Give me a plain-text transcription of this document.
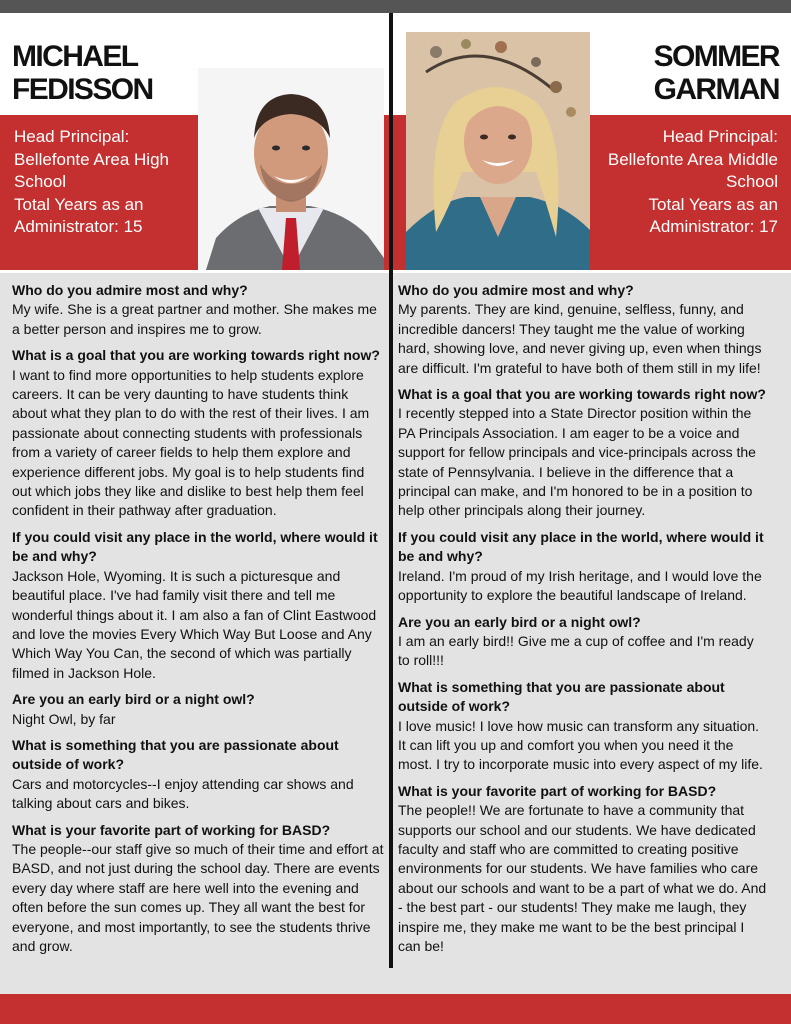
MICHAEL
FEDISSON

Head Principal:
Bellefonte Area High
School
Total Years as an
Administrator: 15

SOMMER
GARMAN

Head Principal:
Bellefonte Area Middle
School
Total Years as an
Administrator: 17

Who do you admire most and why?

My wife. She is a great partner and mother. She makes me a better person and inspires me to grow.

What is a goal that you are working towards right now?

I want to find more opportunities to help students explore careers. It can be very daunting to have students think about what they plan to do with the rest of their lives. I am passionate about connecting students with professionals from a variety of career fields to help them explore and experience different jobs. My goal is to help students find out which jobs they like and dislike to best help them feel confident in their pathway after graduation.

If you could visit any place in the world, where would it be and why?

Jackson Hole, Wyoming. It is such a picturesque and beautiful place. I've had family visit there and tell me wonderful things about it. I am also a fan of Clint Eastwood and love the movies Every Which Way But Loose and Any Which Way You Can, the second of which was partially filmed in Jackson Hole.

Are you an early bird or a night owl?

Night Owl, by far

What is something that you are passionate about outside of work?

Cars and motorcycles--I enjoy attending car shows and talking about cars and bikes.

What is your favorite part of working for BASD?

The people--our staff give so much of their time and effort at BASD, and not just during the school day. There are events every day where staff are here well into the evening and often before the sun comes up. They all want the best for everyone, and most importantly, to see the students thrive and grow.

Who do you admire most and why?

My parents. They are kind, genuine, selfless, funny, and incredible dancers! They taught me the value of working hard, showing love, and never giving up, even when things are difficult. I'm grateful to have both of them still in my life!

What is a goal that you are working towards right now?

I recently stepped into a State Director position within the PA Principals Association. I am eager to be a voice and support for fellow principals and vice-principals across the state of Pennsylvania. I believe in the difference that a principal can make, and I'm honored to be in a position to help other principals along their journey.

If you could visit any place in the world, where would it be and why?

Ireland. I'm proud of my Irish heritage, and I would love the opportunity to explore the beautiful landscape of Ireland.

Are you an early bird or a night owl?

I am an early bird!! Give me a cup of coffee and I'm ready to roll!!!

What is something that you are passionate about outside of work?

I love music! I love how music can transform any situation. It can lift you up and comfort you when you need it the most. I try to incorporate music into every aspect of my life.

What is your favorite part of working for BASD?

The people!! We are fortunate to have a community that supports our school and our students. We have dedicated faculty and staff who are committed to creating positive environments for our students. We have families who care about our schools and want to be a part of what we do. And - the best part - our students! They make me laugh, they inspire me, they make me want to be the best principal I can be!
